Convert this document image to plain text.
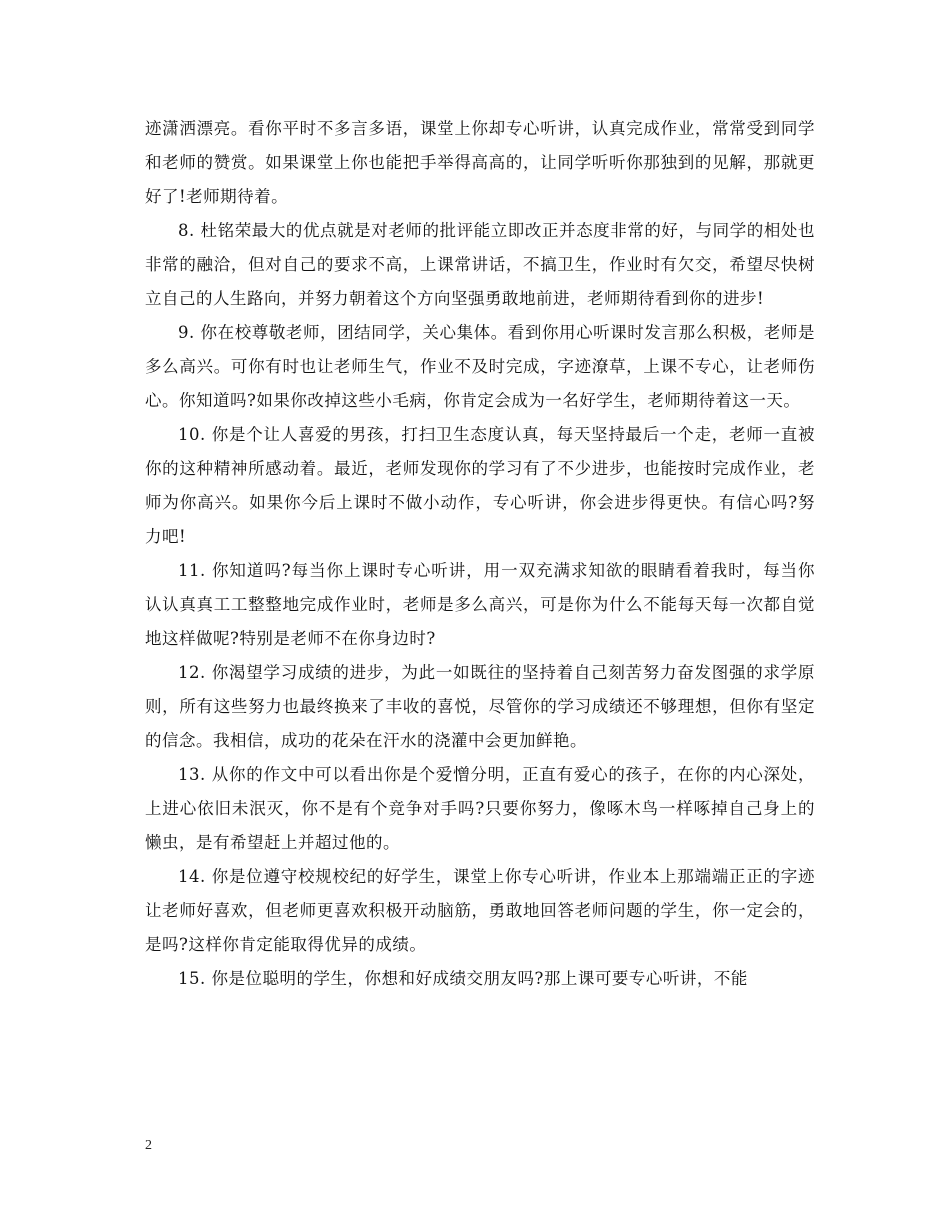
迹潇洒漂亮。看你平时不多言多语，课堂上你却专心听讲，认真完成作业，常常受到同学和老师的赞赏。如果课堂上你也能把手举得高高的，让同学听听你那独到的见解，那就更好了!老师期待着。

8. 杜铭荣最大的优点就是对老师的批评能立即改正并态度非常的好，与同学的相处也非常的融洽，但对自己的要求不高，上课常讲话，不搞卫生，作业时有欠交，希望尽快树立自己的人生路向，并努力朝着这个方向坚强勇敢地前进，老师期待看到你的进步!

9. 你在校尊敬老师，团结同学，关心集体。看到你用心听课时发言那么积极，老师是多么高兴。可你有时也让老师生气，作业不及时完成，字迹潦草，上课不专心，让老师伤心。你知道吗?如果你改掉这些小毛病，你肯定会成为一名好学生，老师期待着这一天。

10. 你是个让人喜爱的男孩，打扫卫生态度认真，每天坚持最后一个走，老师一直被你的这种精神所感动着。最近，老师发现你的学习有了不少进步，也能按时完成作业，老师为你高兴。如果你今后上课时不做小动作，专心听讲，你会进步得更快。有信心吗?努力吧!

11. 你知道吗?每当你上课时专心听讲，用一双充满求知欲的眼睛看着我时，每当你认认真真工工整整地完成作业时，老师是多么高兴，可是你为什么不能每天每一次都自觉地这样做呢?特别是老师不在你身边时?

12. 你渴望学习成绩的进步，为此一如既往的坚持着自己刻苦努力奋发图强的求学原则，所有这些努力也最终换来了丰收的喜悦，尽管你的学习成绩还不够理想，但你有坚定的信念。我相信，成功的花朵在汗水的浇灌中会更加鲜艳。

13. 从你的作文中可以看出你是个爱憎分明，正直有爱心的孩子，在你的内心深处，上进心依旧未泯灭，你不是有个竞争对手吗?只要你努力，像啄木鸟一样啄掉自己身上的懒虫，是有希望赶上并超过他的。

14. 你是位遵守校规校纪的好学生，课堂上你专心听讲，作业本上那端端正正的字迹让老师好喜欢，但老师更喜欢积极开动脑筋，勇敢地回答老师问题的学生，你一定会的，是吗?这样你肯定能取得优异的成绩。

15. 你是位聪明的学生，你想和好成绩交朋友吗?那上课可要专心听讲，不能

2
